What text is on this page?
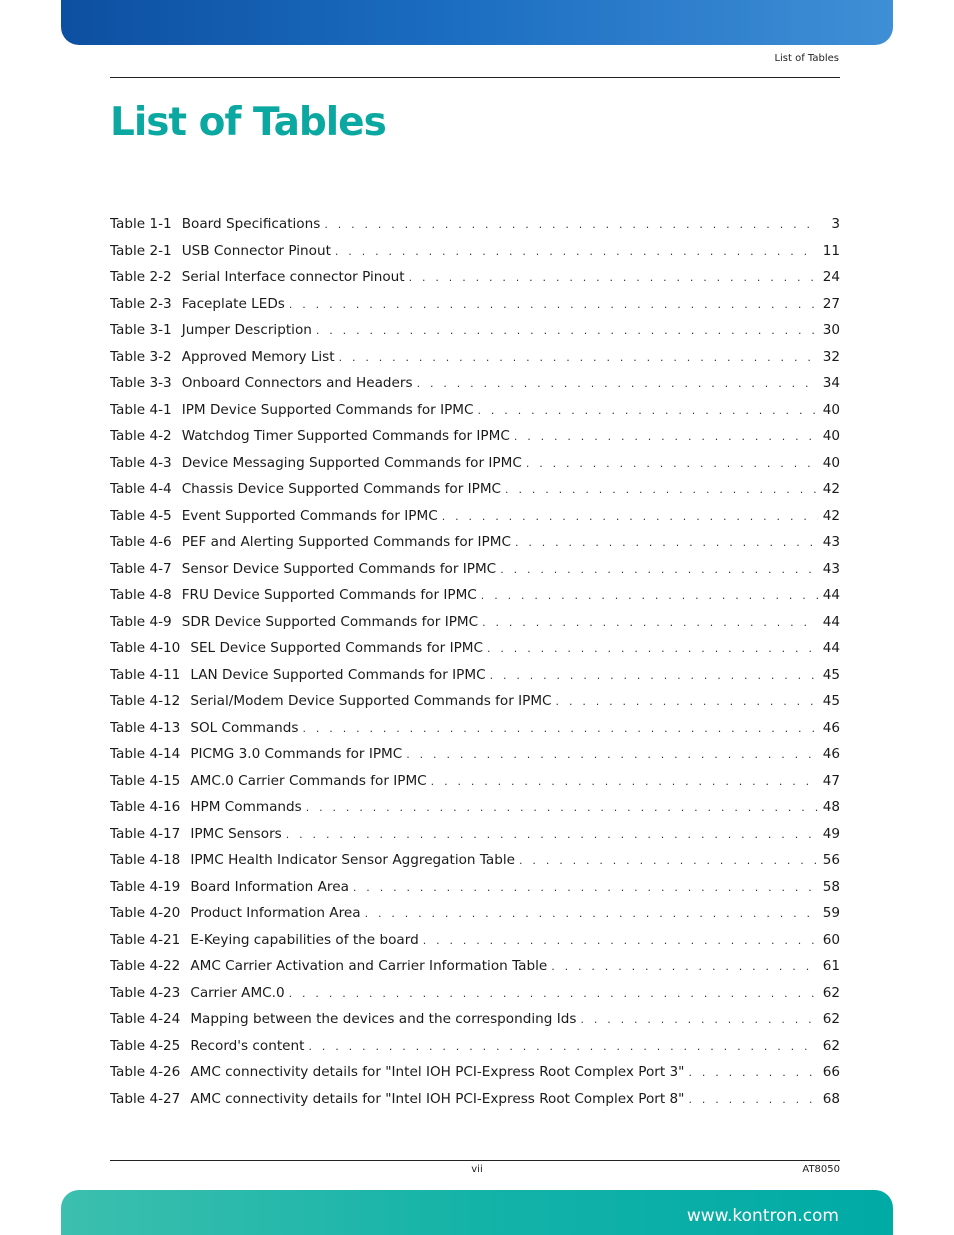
List of Tables
List of Tables
Table 1-1 Board Specifications . . .	3
Table 2-1 USB Connector Pinout . . .	11
Table 2-2 Serial Interface connector Pinout . . .	24
Table 2-3 Faceplate LEDs . . .	27
Table 3-1 Jumper Description . . .	30
Table 3-2 Approved Memory List . . .	32
Table 3-3 Onboard Connectors and Headers . . .	34
Table 4-1 IPM Device Supported Commands for IPMC . . .	40
Table 4-2 Watchdog Timer Supported Commands for IPMC . . .	40
Table 4-3 Device Messaging Supported Commands for IPMC . . .	40
Table 4-4 Chassis Device Supported Commands for IPMC . . .	42
Table 4-5 Event Supported Commands for IPMC . . .	42
Table 4-6 PEF and Alerting Supported Commands for IPMC . . .	43
Table 4-7 Sensor Device Supported Commands for IPMC . . .	43
Table 4-8 FRU Device Supported Commands for IPMC . . .	44
Table 4-9 SDR Device Supported Commands for IPMC . . .	44
Table 4-10 SEL Device Supported Commands for IPMC . . .	44
Table 4-11 LAN Device Supported Commands for IPMC . . .	45
Table 4-12 Serial/Modem Device Supported Commands for IPMC . . .	45
Table 4-13 SOL Commands . . .	46
Table 4-14 PICMG 3.0 Commands for IPMC . . .	46
Table 4-15 AMC.0 Carrier Commands for IPMC . . .	47
Table 4-16 HPM Commands . . .	48
Table 4-17 IPMC Sensors . . .	49
Table 4-18 IPMC Health Indicator Sensor Aggregation Table . . .	56
Table 4-19 Board Information Area . . .	58
Table 4-20 Product Information Area . . .	59
Table 4-21 E-Keying capabilities of the board . . .	60
Table 4-22 AMC Carrier Activation and Carrier Information Table . . .	61
Table 4-23 Carrier AMC.0 . . .	62
Table 4-24 Mapping between the devices and the corresponding Ids . . .	62
Table 4-25 Record's content . . .	62
Table 4-26 AMC connectivity details for "Intel IOH PCI-Express Root Complex Port 3" . . .	66
Table 4-27 AMC connectivity details for "Intel IOH PCI-Express Root Complex Port 8" . . .	68
vii	AT8050
www.kontron.com
